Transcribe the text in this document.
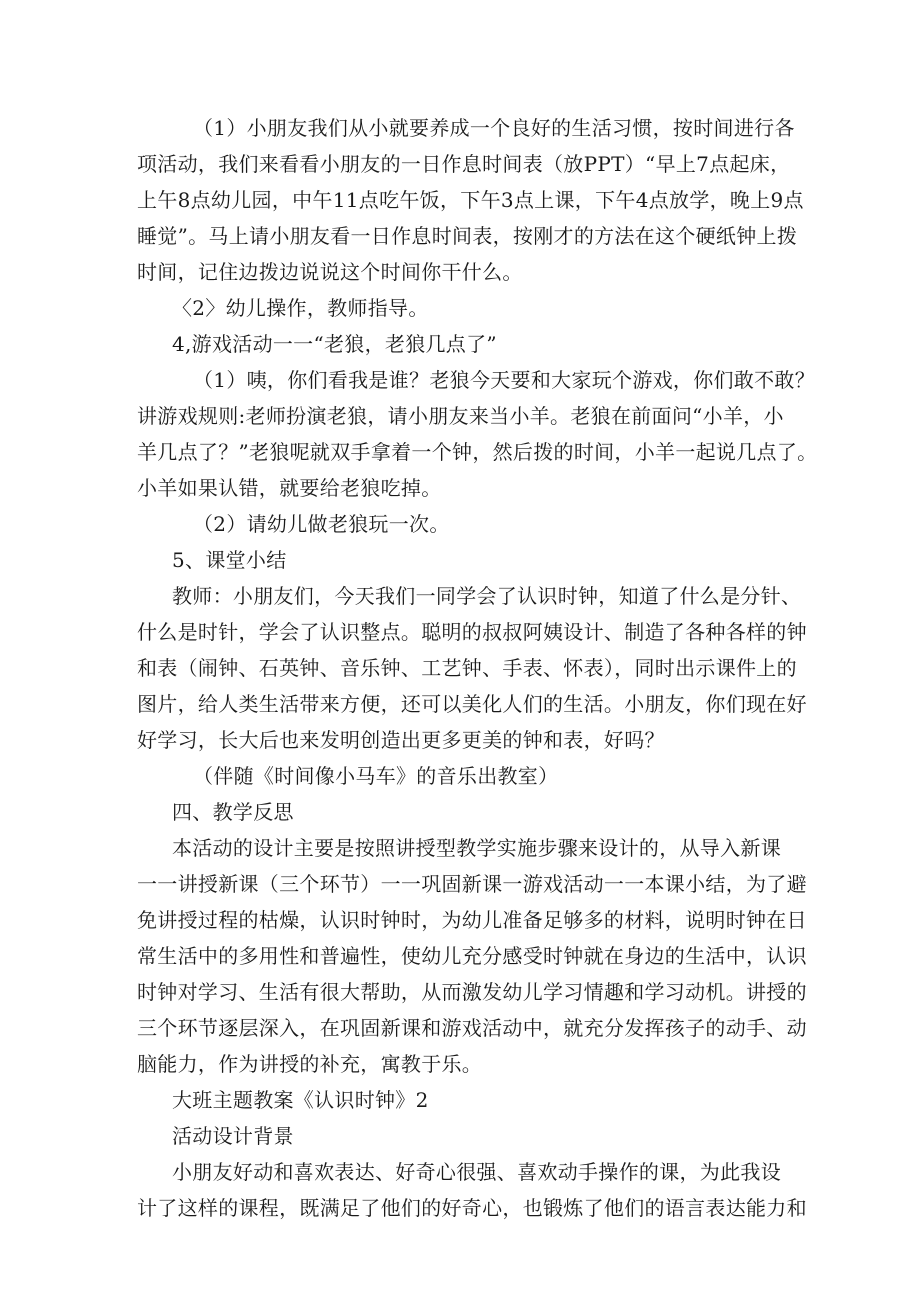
（1）小朋友我们从小就要养成一个良好的生活习惯，按时间进行各
项活动，我们来看看小朋友的一日作息时间表（放PPT）“早上7点起床，
上午8点幼儿园，中午11点吃午饭，下午3点上课，下午4点放学，晚上9点
睡觉”。马上请小朋友看一日作息时间表，按刚才的方法在这个硬纸钟上拨
时间，记住边拨边说说这个时间你干什么。
〈2〉幼儿操作，教师指导。
4,游戏活动一一“老狼，老狼几点了”
（1）咦，你们看我是谁？老狼今天要和大家玩个游戏，你们敢不敢？
讲游戏规则:老师扮演老狼，请小朋友来当小羊。老狼在前面问“小羊，小
羊几点了？”老狼呢就双手拿着一个钟，然后拨的时间，小羊一起说几点了。
小羊如果认错，就要给老狼吃掉。
（2）请幼儿做老狼玩一次。
5、课堂小结
教师：小朋友们，今天我们一同学会了认识时钟，知道了什么是分针、
什么是时针，学会了认识整点。聪明的叔叔阿姨设计、制造了各种各样的钟
和表（闹钟、石英钟、音乐钟、工艺钟、手表、怀表），同时出示课件上的
图片，给人类生活带来方便，还可以美化人们的生活。小朋友，你们现在好
好学习，长大后也来发明创造出更多更美的钟和表，好吗？
（伴随《时间像小马车》的音乐出教室）
四、教学反思
本活动的设计主要是按照讲授型教学实施步骤来设计的，从导入新课
一一讲授新课（三个环节）一一巩固新课一游戏活动一一本课小结，为了避
免讲授过程的枯燥，认识时钟时，为幼儿准备足够多的材料，说明时钟在日
常生活中的多用性和普遍性，使幼儿充分感受时钟就在身边的生活中，认识
时钟对学习、生活有很大帮助，从而激发幼儿学习情趣和学习动机。讲授的
三个环节逐层深入，在巩固新课和游戏活动中，就充分发挥孩子的动手、动
脑能力，作为讲授的补充，寓教于乐。
大班主题教案《认识时钟》2
活动设计背景
小朋友好动和喜欢表达、好奇心很强、喜欢动手操作的课，为此我设
计了这样的课程，既满足了他们的好奇心，也锻炼了他们的语言表达能力和
